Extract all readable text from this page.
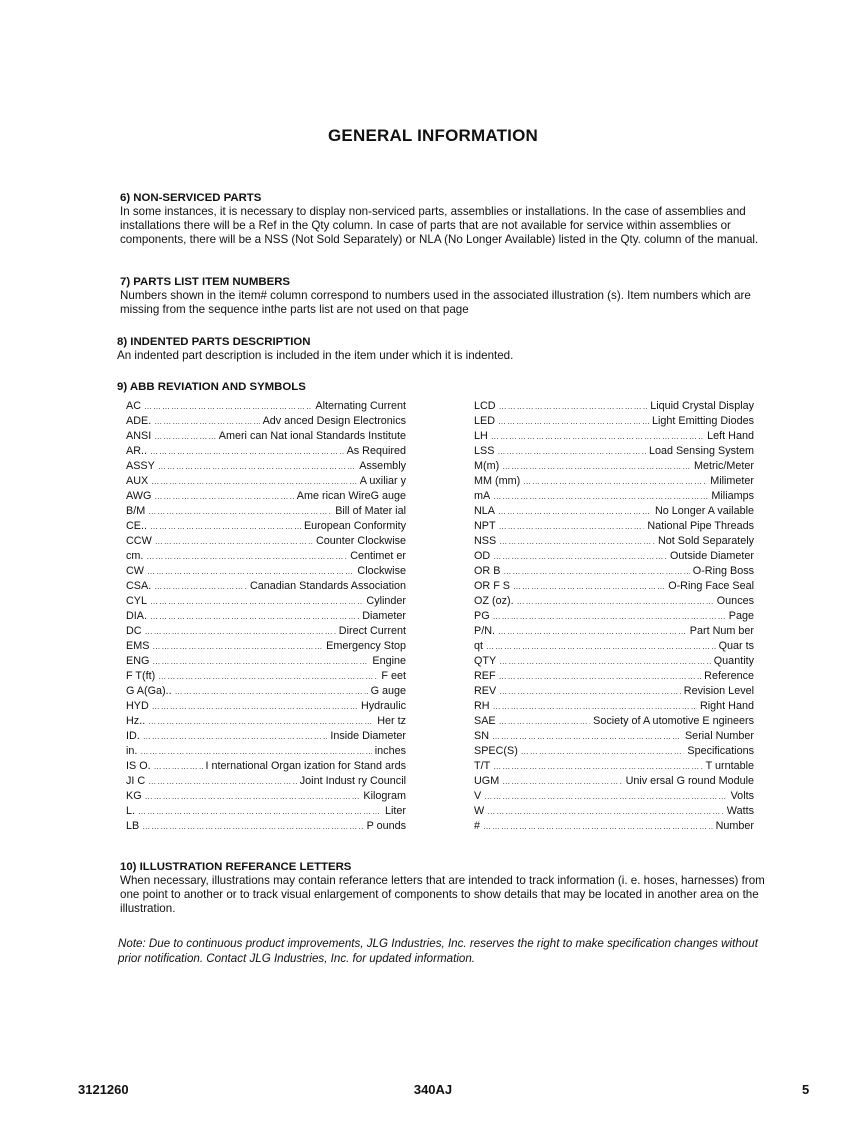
GENERAL INFORMATION
6) NON-SERVICED PARTS

In some instances, it is necessary to display non-serviced parts, assemblies or installations. In the case of assemblies and installations there will be a Ref in the Qty column. In case of parts that are not available for service within assemblies or components, there will be a NSS (Not Sold Separately) or NLA (No Longer Available) listed in the Qty. column of the manual.

7) PARTS LIST ITEM NUMBERS

Numbers shown in the item# column correspond to numbers used in the associated illustration (s). Item numbers which are missing from the sequence inthe parts list are not used on that page

8) INDENTED PARTS DESCRIPTION

An indented part description is included in the item under which it is indented.

9) ABB REVIATION AND SYMBOLS
AC …………………………………………………………………………………………………………………………………	Alternating Current
ADE. …………………………………………………………………………………………………………………………………	Adv anced Design Electronics
ANSI …………………………………………………………………………………………………………………………………	Ameri can Nat ional Standards Institute
AR.. …………………………………………………………………………………………………………………………………	As Required
ASSY …………………………………………………………………………………………………………………………………	Assembly
AUX …………………………………………………………………………………………………………………………………	A uxiliar y
AWG …………………………………………………………………………………………………………………………………	Ame rican WireG auge
B/M …………………………………………………………………………………………………………………………………	Bill of Mater ial
CE.. …………………………………………………………………………………………………………………………………	European Conformity
CCW …………………………………………………………………………………………………………………………………	Counter Clockwise
cm. …………………………………………………………………………………………………………………………………	Centimet er
CW …………………………………………………………………………………………………………………………………	Clockwise
CSA. …………………………………………………………………………………………………………………………………	Canadian Standards Association
CYL …………………………………………………………………………………………………………………………………	Cylinder
DIA. …………………………………………………………………………………………………………………………………	Diameter
DC …………………………………………………………………………………………………………………………………	Direct Current
EMS …………………………………………………………………………………………………………………………………	Emergency Stop
ENG …………………………………………………………………………………………………………………………………	Engine
F T(ft) …………………………………………………………………………………………………………………………………	F eet
G A(Ga).. …………………………………………………………………………………………………………………………………	G auge
HYD …………………………………………………………………………………………………………………………………	Hydraulic
Hz.. …………………………………………………………………………………………………………………………………	Her tz
ID. …………………………………………………………………………………………………………………………………	Inside Diameter
in. …………………………………………………………………………………………………………………………………	inches
IS O. …………………………………………………………………………………………………………………………………	I nternational Organ ization for Stand ards
JI C …………………………………………………………………………………………………………………………………	Joint Indust ry Council
KG …………………………………………………………………………………………………………………………………	Kilogram
L. …………………………………………………………………………………………………………………………………	Liter
LB …………………………………………………………………………………………………………………………………	P ounds
LCD …………………………………………………………………………………………………………………………………	Liquid Crystal Display
LED …………………………………………………………………………………………………………………………………	Light Emitting Diodes
LH …………………………………………………………………………………………………………………………………	Left Hand
LSS …………………………………………………………………………………………………………………………………	Load Sensing System
M(m) …………………………………………………………………………………………………………………………………	Metric/Meter
MM (mm) …………………………………………………………………………………………………………………………………	Milimeter
mA …………………………………………………………………………………………………………………………………	Miliamps
NLA …………………………………………………………………………………………………………………………………	No Longer A vailable
NPT …………………………………………………………………………………………………………………………………	National Pipe Threads
NSS …………………………………………………………………………………………………………………………………	Not Sold Separately
OD …………………………………………………………………………………………………………………………………	Outside Diameter
OR B …………………………………………………………………………………………………………………………………	O-Ring Boss
OR F S …………………………………………………………………………………………………………………………………	O-Ring Face Seal
OZ (oz). …………………………………………………………………………………………………………………………………	Ounces
PG …………………………………………………………………………………………………………………………………	Page
P/N. …………………………………………………………………………………………………………………………………	Part Num ber
qt …………………………………………………………………………………………………………………………………	Quar ts
QTY …………………………………………………………………………………………………………………………………	Quantity
REF …………………………………………………………………………………………………………………………………	Reference
REV …………………………………………………………………………………………………………………………………	Revision Level
RH …………………………………………………………………………………………………………………………………	Right Hand
SAE …………………………………………………………………………………………………………………………………	Society of A utomotive E ngineers
SN …………………………………………………………………………………………………………………………………	Serial Number
SPEC(S) …………………………………………………………………………………………………………………………………	Specifications
T/T …………………………………………………………………………………………………………………………………	T urntable
UGM …………………………………………………………………………………………………………………………………	Univ ersal G round Module
V …………………………………………………………………………………………………………………………………	Volts
W …………………………………………………………………………………………………………………………………	Watts
# …………………………………………………………………………………………………………………………………	Number
10) ILLUSTRATION REFERANCE LETTERS

When necessary, illustrations may contain referance letters that are intended to track information (i. e. hoses, harnesses) from one point to another or to track visual enlargement of components to show details that may be located in another area on the illustration.

Note: Due to continuous product improvements, JLG Industries, Inc. reserves the right to make specification changes without prior notification. Contact JLG Industries, Inc. for updated information.
3121260	340AJ	5
